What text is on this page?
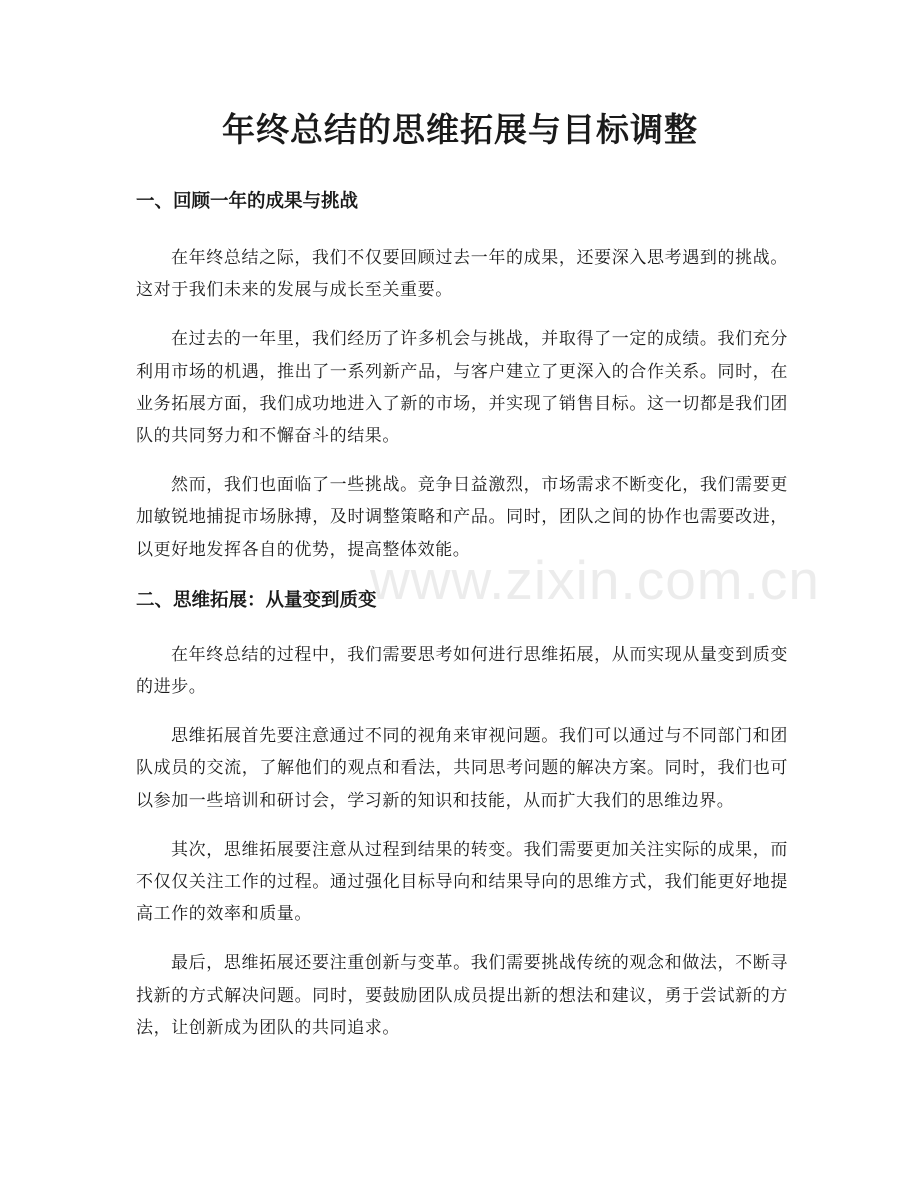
年终总结的思维拓展与目标调整
一、回顾一年的成果与挑战

在年终总结之际，我们不仅要回顾过去一年的成果，还要深入思考遇到的挑战。这对于我们未来的发展与成长至关重要。

在过去的一年里，我们经历了许多机会与挑战，并取得了一定的成绩。我们充分利用市场的机遇，推出了一系列新产品，与客户建立了更深入的合作关系。同时，在业务拓展方面，我们成功地进入了新的市场，并实现了销售目标。这一切都是我们团队的共同努力和不懈奋斗的结果。

然而，我们也面临了一些挑战。竞争日益激烈，市场需求不断变化，我们需要更加敏锐地捕捉市场脉搏，及时调整策略和产品。同时，团队之间的协作也需要改进，以更好地发挥各自的优势，提高整体效能。

二、思维拓展：从量变到质变

在年终总结的过程中，我们需要思考如何进行思维拓展，从而实现从量变到质变的进步。

思维拓展首先要注意通过不同的视角来审视问题。我们可以通过与不同部门和团队成员的交流，了解他们的观点和看法，共同思考问题的解决方案。同时，我们也可以参加一些培训和研讨会，学习新的知识和技能，从而扩大我们的思维边界。

其次，思维拓展要注意从过程到结果的转变。我们需要更加关注实际的成果，而不仅仅关注工作的过程。通过强化目标导向和结果导向的思维方式，我们能更好地提高工作的效率和质量。

最后，思维拓展还要注重创新与变革。我们需要挑战传统的观念和做法，不断寻找新的方式解决问题。同时，要鼓励团队成员提出新的想法和建议，勇于尝试新的方法，让创新成为团队的共同追求。

www.zixin.com.cn
